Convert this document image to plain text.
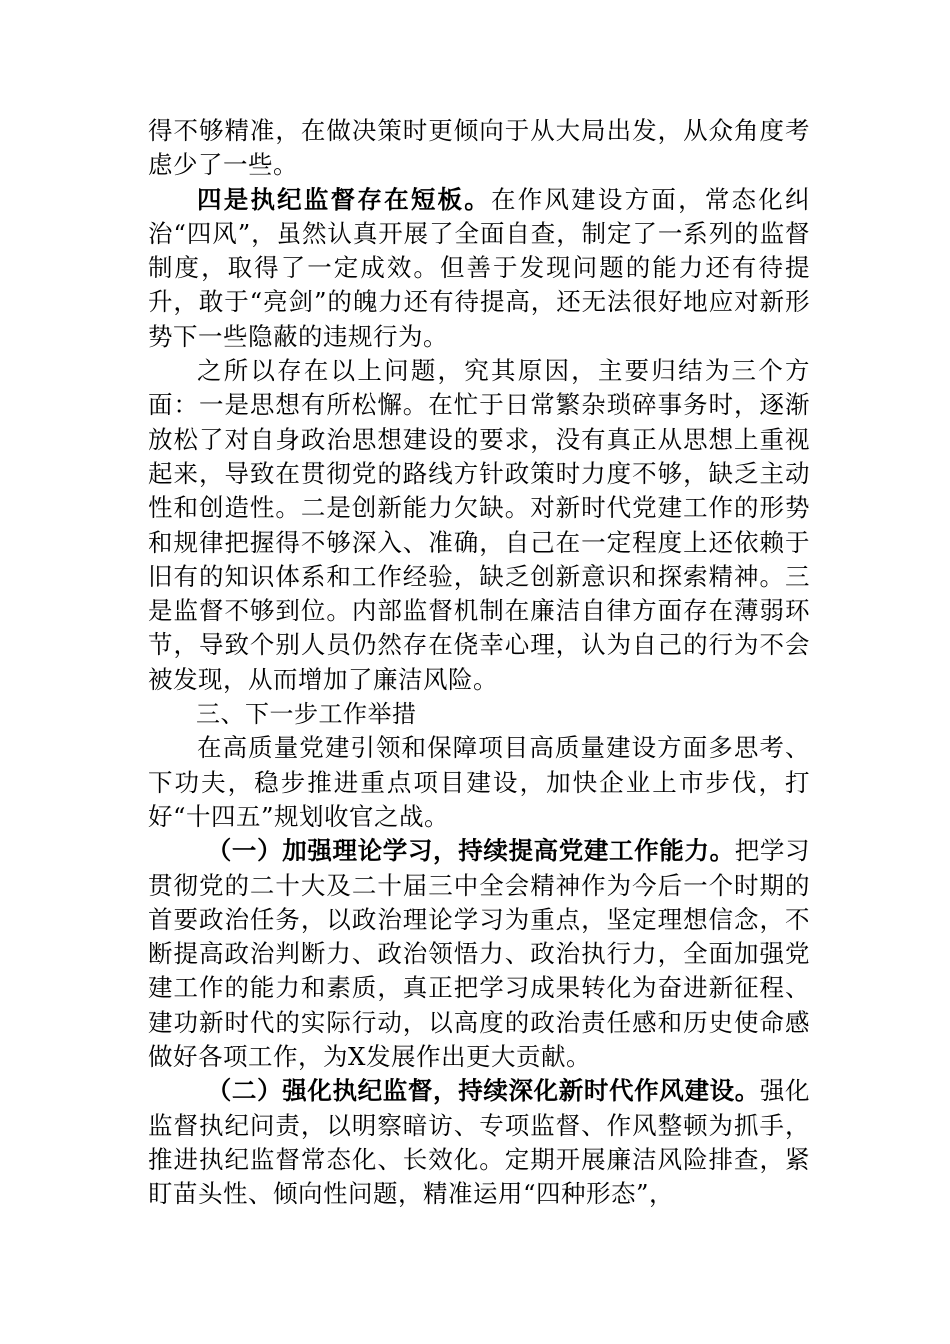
得不够精准，在做决策时更倾向于从大局出发，从众角度考虑少了一些。

四是执纪监督存在短板。在作风建设方面，常态化纠治“四风”，虽然认真开展了全面自查，制定了一系列的监督制度，取得了一定成效。但善于发现问题的能力还有待提升，敢于“亮剑”的魄力还有待提高，还无法很好地应对新形势下一些隐蔽的违规行为。

之所以存在以上问题，究其原因，主要归结为三个方面：一是思想有所松懈。在忙于日常繁杂琐碎事务时，逐渐放松了对自身政治思想建设的要求，没有真正从思想上重视起来，导致在贯彻党的路线方针政策时力度不够，缺乏主动性和创造性。二是创新能力欠缺。对新时代党建工作的形势和规律把握得不够深入、准确，自己在一定程度上还依赖于旧有的知识体系和工作经验，缺乏创新意识和探索精神。三是监督不够到位。内部监督机制在廉洁自律方面存在薄弱环节，导致个别人员仍然存在侥幸心理，认为自己的行为不会被发现，从而增加了廉洁风险。

三、下一步工作举措

在高质量党建引领和保障项目高质量建设方面多思考、下功夫，稳步推进重点项目建设，加快企业上市步伐，打好“十四五”规划收官之战。

（一）加强理论学习，持续提高党建工作能力。把学习贯彻党的二十大及二十届三中全会精神作为今后一个时期的首要政治任务，以政治理论学习为重点，坚定理想信念，不断提高政治判断力、政治领悟力、政治执行力，全面加强党建工作的能力和素质，真正把学习成果转化为奋进新征程、建功新时代的实际行动，以高度的政治责任感和历史使命感做好各项工作，为X发展作出更大贡献。

（二）强化执纪监督，持续深化新时代作风建设。强化监督执纪问责，以明察暗访、专项监督、作风整顿为抓手，推进执纪监督常态化、长效化。定期开展廉洁风险排查，紧盯苗头性、倾向性问题，精准运用“四种形态”，
